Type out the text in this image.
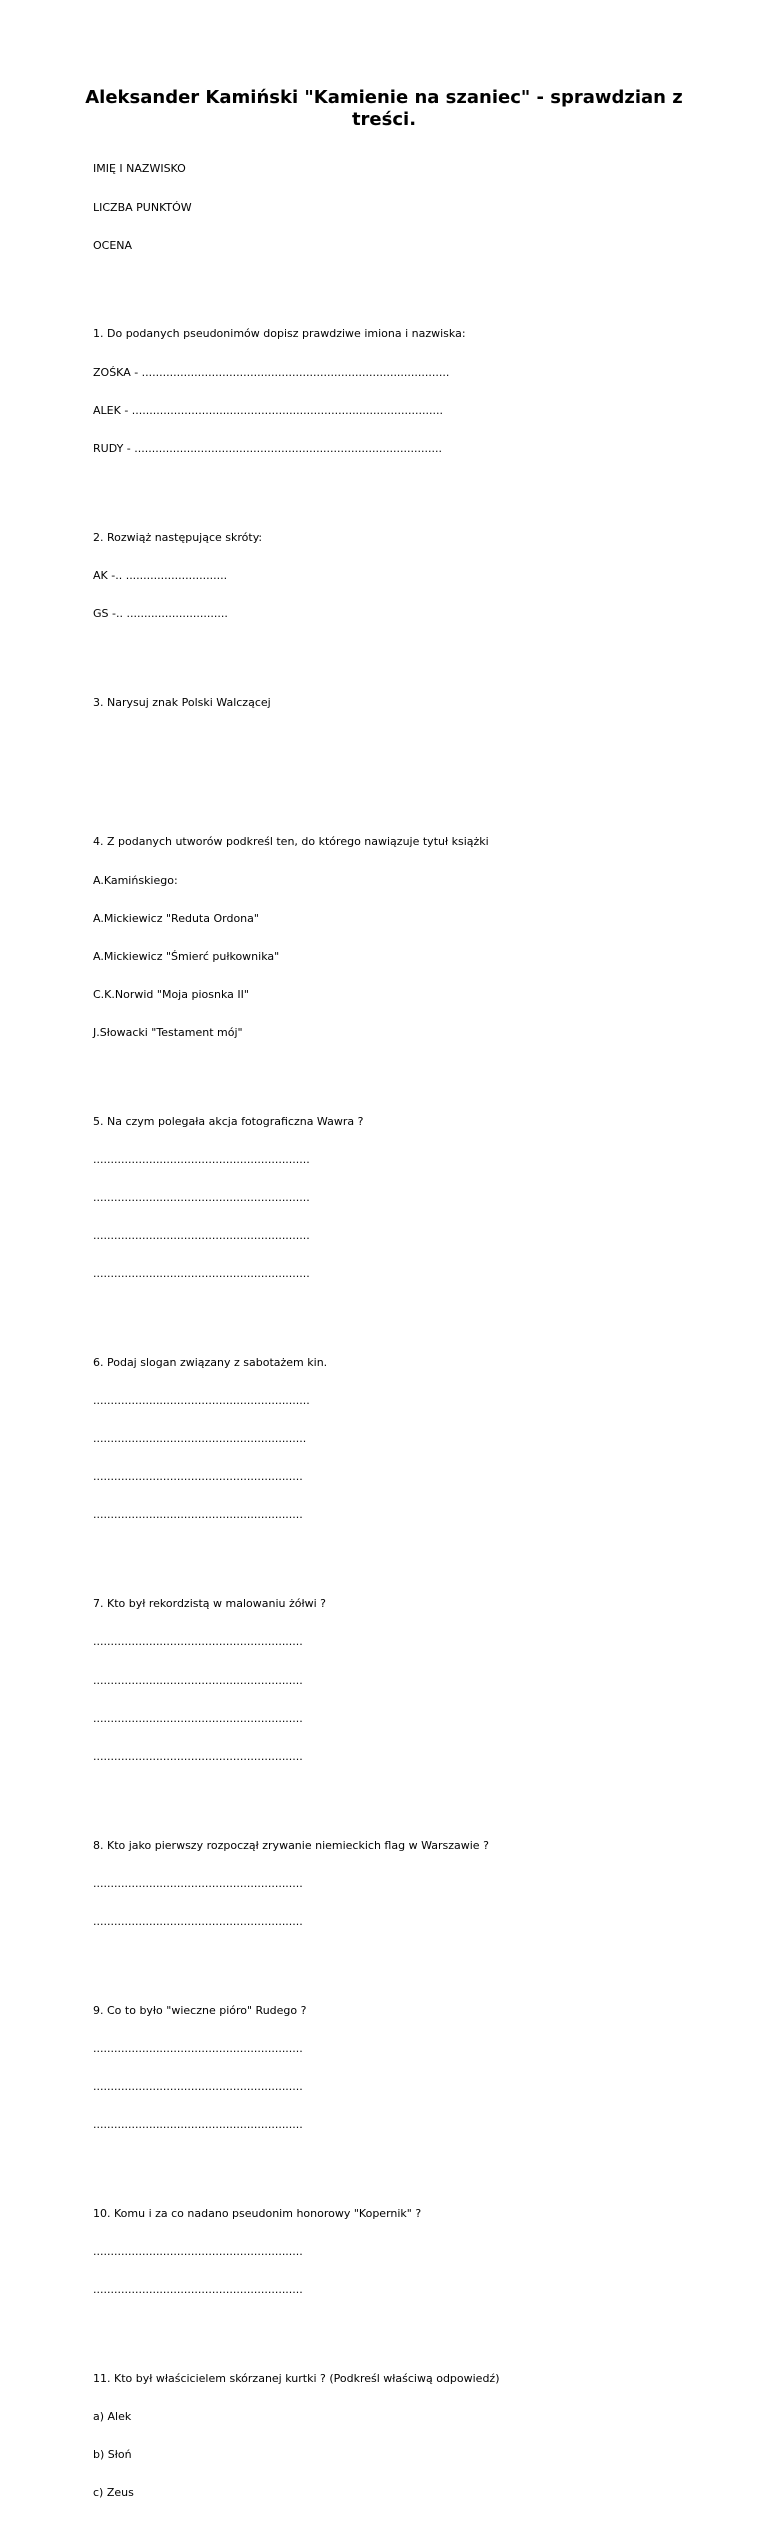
Aleksander Kamiński "Kamienie na szaniec" - sprawdzian z
treści.

IMIĘ I NAZWISKO

LICZBA PUNKTÓW

OCENA

1. Do podanych pseudonimów dopisz prawdziwe imiona i nazwiska:

ZOŚKA - ........................................................................................

ALEK - .........................................................................................

RUDY - ........................................................................................

2. Rozwiąż następujące skróty:

AK -.. .............................

GS -.. .............................

3. Narysuj znak Polski Walczącej

4. Z podanych utworów podkreśl ten, do którego nawiązuje tytuł książki

A.Kamińskiego:

A.Mickiewicz "Reduta Ordona"

A.Mickiewicz "Śmierć pułkownika"

C.K.Norwid "Moja piosnka II"

J.Słowacki "Testament mój"

5. Na czym polegała akcja fotograficzna Wawra ?

..............................................................

..............................................................

..............................................................

..............................................................

6. Podaj slogan związany z sabotażem kin.

..............................................................

.............................................................

............................................................

............................................................

7. Kto był rekordzistą w malowaniu żółwi ?

............................................................

............................................................

............................................................

............................................................

8. Kto jako pierwszy rozpoczął zrywanie niemieckich flag w Warszawie ?

............................................................

............................................................

9. Co to było "wieczne pióro" Rudego ?

............................................................

............................................................

............................................................

10. Komu i za co nadano pseudonim honorowy "Kopernik" ?

............................................................

............................................................

11. Kto był właścicielem skórzanej kurtki ? (Podkreśl właściwą odpowiedź)

a) Alek

b) Słoń

c) Zeus
